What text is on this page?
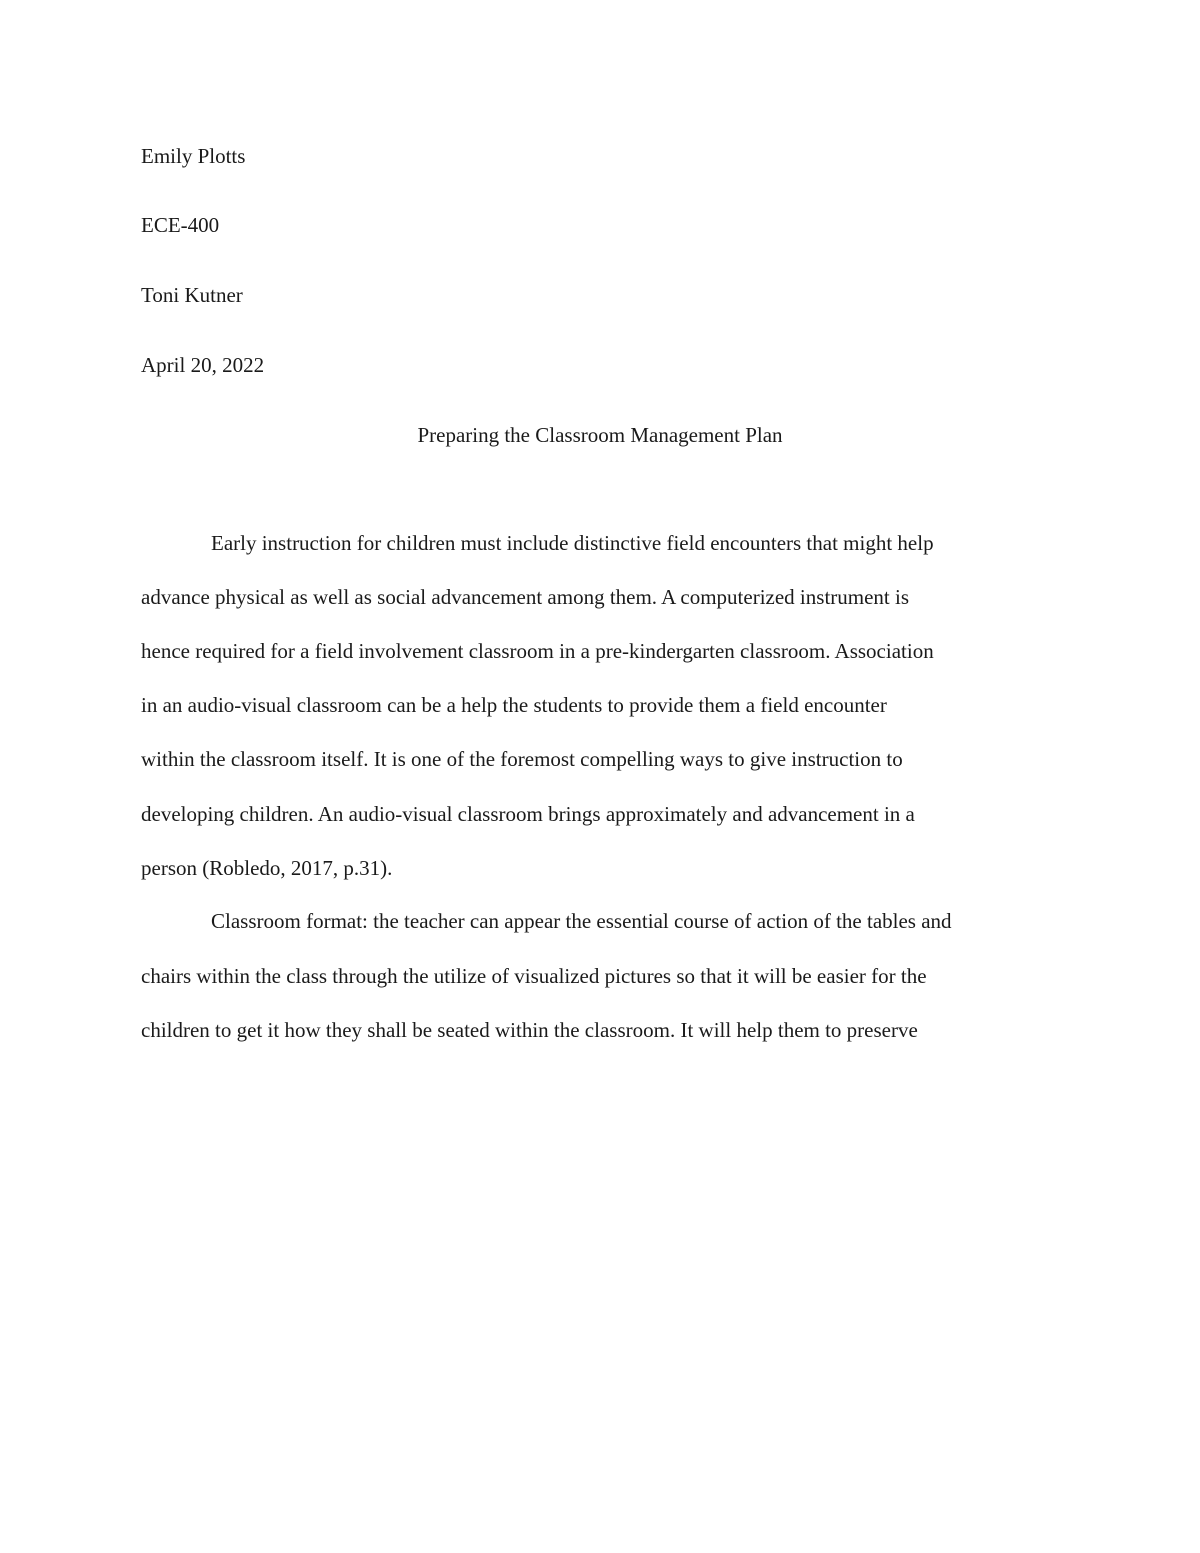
Emily Plotts
ECE-400
Toni Kutner
April 20, 2022
Preparing the Classroom Management Plan
Early instruction for children must include distinctive field encounters that might help
advance physical as well as social advancement among them. A computerized instrument is
hence required for a field involvement classroom in a pre-kindergarten classroom. Association
in an audio-visual classroom can be a help the students to provide them a field encounter
within the classroom itself. It is one of the foremost compelling ways to give instruction to
developing children. An audio-visual classroom brings approximately and advancement in a
person (Robledo, 2017, p.31).
Classroom format: the teacher can appear the essential course of action of the tables and
chairs within the class through the utilize of visualized pictures so that it will be easier for the
children to get it how they shall be seated within the classroom. It will help them to preserve
